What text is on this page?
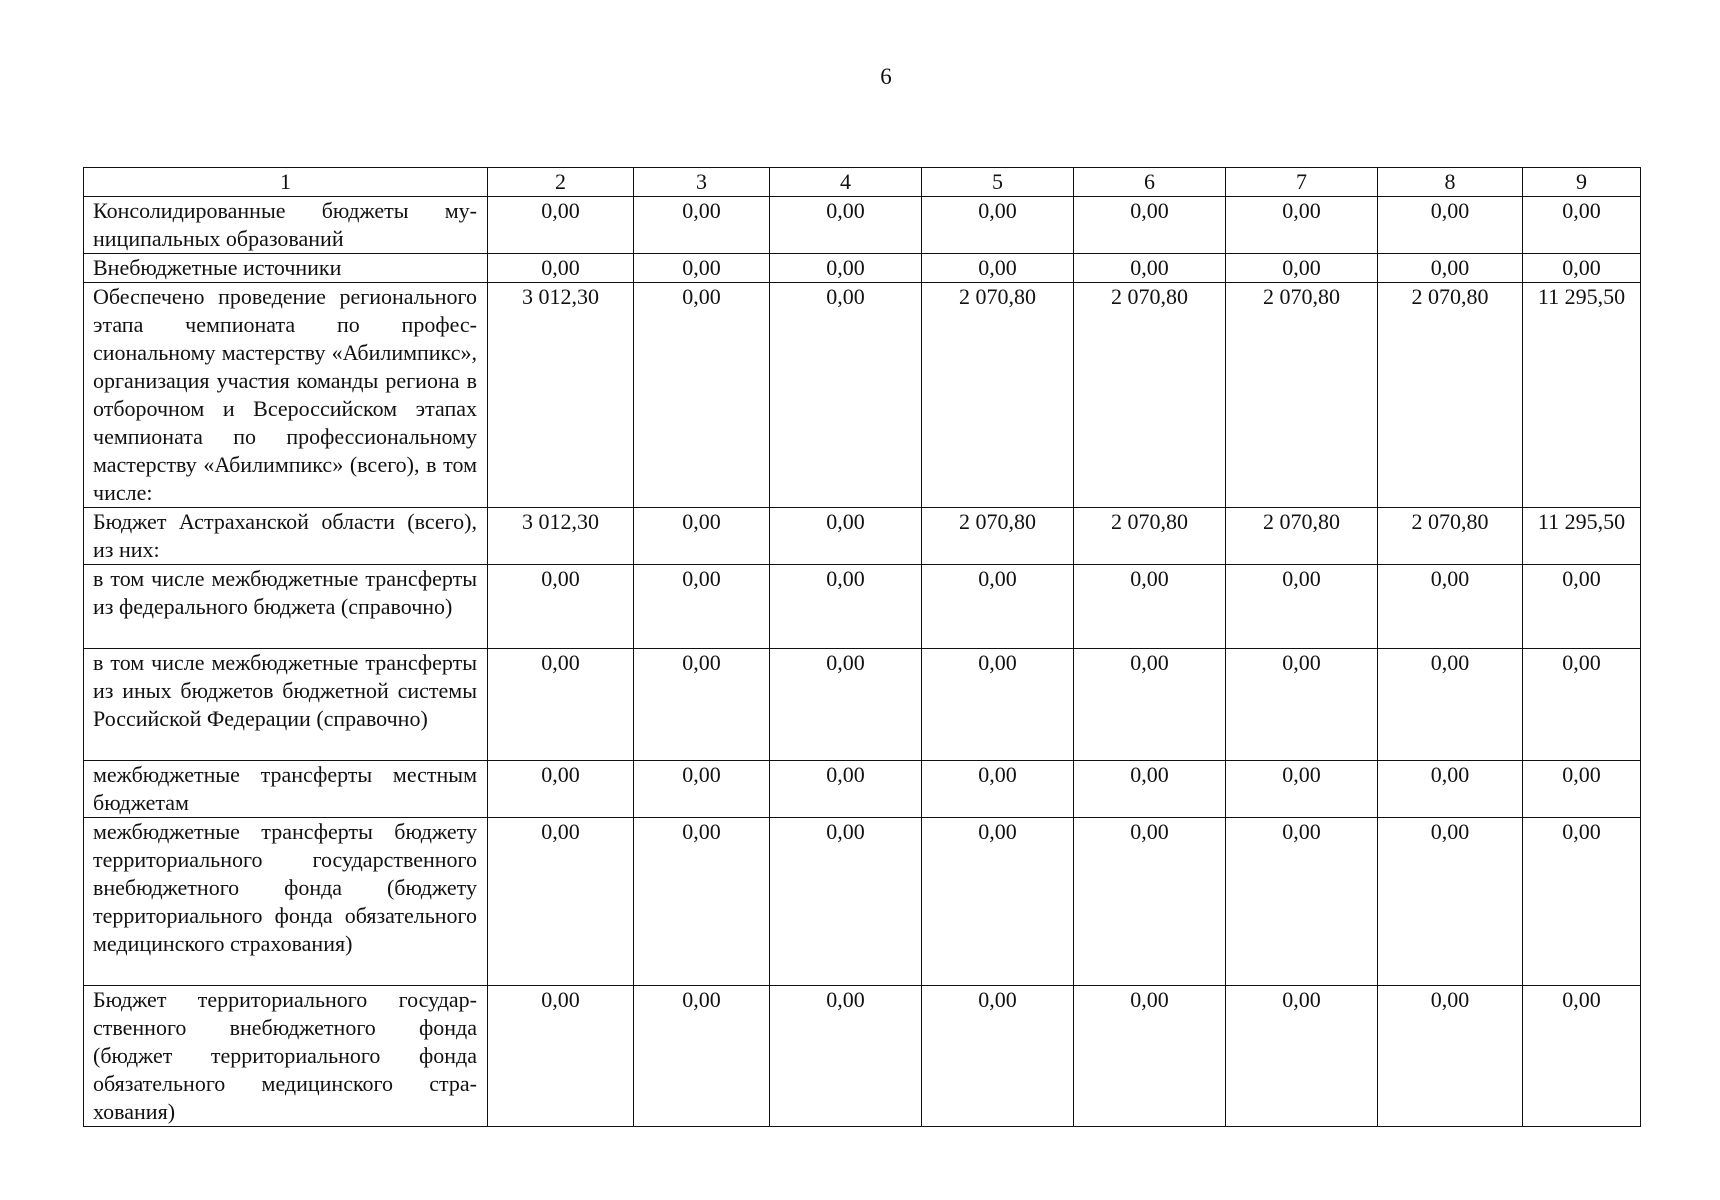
6
1	2	3	4	5	6	7	8	9
Консолидированные бюджеты муниципальных образований	0,00	0,00	0,00	0,00	0,00	0,00	0,00	0,00
Внебюджетные источники	0,00	0,00	0,00	0,00	0,00	0,00	0,00	0,00
Обеспечено проведение регионального этапа чемпионата по профессиональному мастерству «Абилимпикс», организация участия команды региона в отборочном и Всероссийском этапах чемпионата по профессиональному мастерству «Абилимпикс» (всего), в том числе:	3 012,30	0,00	0,00	2 070,80	2 070,80	2 070,80	2 070,80	11 295,50
Бюджет Астраханской области (всего), из них:	3 012,30	0,00	0,00	2 070,80	2 070,80	2 070,80	2 070,80	11 295,50
в том числе межбюджетные трансферты из федерального бюджета (справочно)	0,00	0,00	0,00	0,00	0,00	0,00	0,00	0,00
в том числе межбюджетные трансферты из иных бюджетов бюджетной системы Российской Федерации (справочно)	0,00	0,00	0,00	0,00	0,00	0,00	0,00	0,00
межбюджетные трансферты местным бюджетам	0,00	0,00	0,00	0,00	0,00	0,00	0,00	0,00
межбюджетные трансферты бюджету территориального государственного внебюджетного фонда (бюджету территориального фонда обязательного медицинского страхования)	0,00	0,00	0,00	0,00	0,00	0,00	0,00	0,00
Бюджет территориального государственного внебюджетного фонда (бюджет территориального фонда обязательного медицинского страхования)	0,00	0,00	0,00	0,00	0,00	0,00	0,00	0,00
